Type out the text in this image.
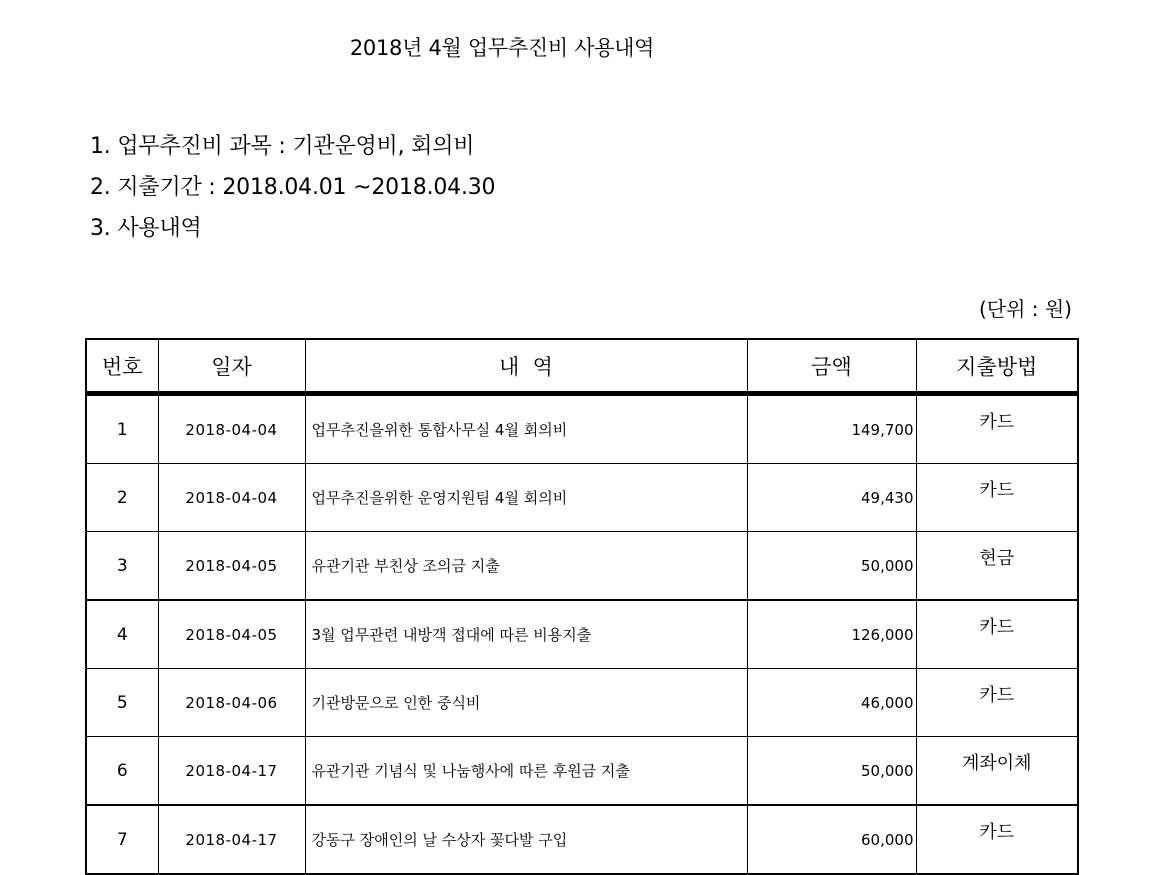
2018년 4월 업무추진비 사용내역
1. 업무추진비 과목 : 기관운영비, 회의비
2. 지출기간 : 2018.04.01 ~2018.04.30
3. 사용내역
(단위 : 원)
번호	일자	내  역	금액	지출방법
1	2018-04-04	업무추진을위한 통합사무실 4월 회의비	149,700	카드
2	2018-04-04	업무추진을위한 운영지원팀 4월 회의비	49,430	카드
3	2018-04-05	유관기관 부친상 조의금 지출	50,000	현금
4	2018-04-05	3월 업무관련 내방객 접대에 따른 비용지출	126,000	카드
5	2018-04-06	기관방문으로 인한 중식비	46,000	카드
6	2018-04-17	유관기관 기념식 및 나눔행사에 따른 후원금 지출	50,000	계좌이체
7	2018-04-17	강동구 장애인의 날 수상자 꽃다발 구입	60,000	카드
